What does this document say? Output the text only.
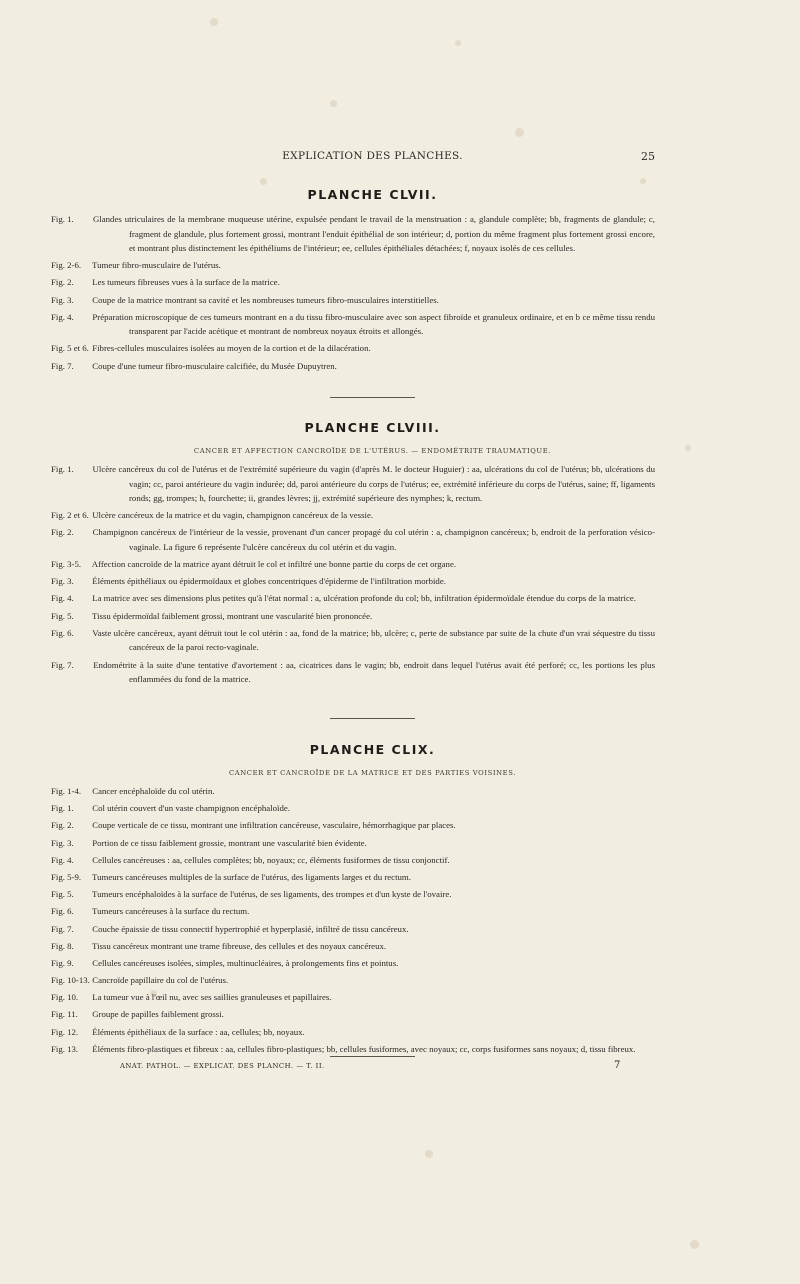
EXPLICATION DES PLANCHES.	25
PLANCHE CLVII.
Fig. 1. Glandes utriculaires de la membrane muqueuse utérine, expulsée pendant le travail de la menstruation : a, glandule complète; bb, fragments de glandule; c, fragment de glandule, plus fortement grossi, montrant l'enduit épithélial de son intérieur; d, portion du même fragment plus fortement grossi encore, et montrant plus distinctement les épithéliums de l'intérieur; ee, cellules épithéliales détachées; f, noyaux isolés de ces cellules.
Fig. 2-6. Tumeur fibro-musculaire de l'utérus.
Fig. 2. Les tumeurs fibreuses vues à la surface de la matrice.
Fig. 3. Coupe de la matrice montrant sa cavité et les nombreuses tumeurs fibro-musculaires interstitielles.
Fig. 4. Préparation microscopique de ces tumeurs montrant en a du tissu fibro-musculaire avec son aspect fibroïde et granuleux ordinaire, et en b ce même tissu rendu transparent par l'acide acétique et montrant de nombreux noyaux étroits et allongés.
Fig. 5 et 6. Fibres-cellules musculaires isolées au moyen de la cortion et de la dilacération.
Fig. 7. Coupe d'une tumeur fibro-musculaire calcifiée, du Musée Dupuytren.
PLANCHE CLVIII.
CANCER ET AFFECTION CANCROÏDE DE L'UTÉRUS. — ENDOMÉTRITE TRAUMATIQUE.
Fig. 1. Ulcère cancéreux du col de l'utérus et de l'extrémité supérieure du vagin (d'après M. le docteur Huguier) : aa, ulcérations du col de l'utérus; bb, ulcérations du vagin; cc, paroi antérieure du vagin indurée; dd, paroi antérieure du corps de l'utérus; ee, extrémité inférieure du corps de l'utérus, saine; ff, ligaments ronds; gg, trompes; h, fourchette; ii, grandes lèvres; jj, extrémité supérieure des nymphes; k, rectum.
Fig. 2 et 6. Ulcère cancéreux de la matrice et du vagin, champignon cancéreux de la vessie.
Fig. 2. Champignon cancéreux de l'intérieur de la vessie, provenant d'un cancer propagé du col utérin : a, champignon cancéreux; b, endroit de la perforation vésico-vaginale. La figure 6 représente l'ulcère cancéreux du col utérin et du vagin.
Fig. 3-5. Affection cancroïde de la matrice ayant détruit le col et infiltré une bonne partie du corps de cet organe.
Fig. 3. Éléments épithéliaux ou épidermoïdaux et globes concentriques d'épiderme de l'infiltration morbide.
Fig. 4. La matrice avec ses dimensions plus petites qu'à l'état normal : a, ulcération profonde du col; bb, infiltration épidermoïdale étendue du corps de la matrice.
Fig. 5. Tissu épidermoïdal faiblement grossi, montrant une vascularité bien prononcée.
Fig. 6. Vaste ulcère cancéreux, ayant détruit tout le col utérin : aa, fond de la matrice; bb, ulcère; c, perte de substance par suite de la chute d'un vrai séquestre du tissu cancéreux de la paroi recto-vaginale.
Fig. 7. Endométrite à la suite d'une tentative d'avortement : aa, cicatrices dans le vagin; bb, endroit dans lequel l'utérus avait été perforé; cc, les portions les plus enflammées du fond de la matrice.
PLANCHE CLIX.
CANCER ET CANCROÏDE DE LA MATRICE ET DES PARTIES VOISINES.
Fig. 1-4. Cancer encéphaloïde du col utérin.
Fig. 1. Col utérin couvert d'un vaste champignon encéphaloïde.
Fig. 2. Coupe verticale de ce tissu, montrant une infiltration cancéreuse, vasculaire, hémorrhagique par places.
Fig. 3. Portion de ce tissu faiblement grossie, montrant une vascularité bien évidente.
Fig. 4. Cellules cancéreuses : aa, cellules complètes; bb, noyaux; cc, éléments fusiformes de tissu conjonctif.
Fig. 5-9. Tumeurs cancéreuses multiples de la surface de l'utérus, des ligaments larges et du rectum.
Fig. 5. Tumeurs encéphaloïdes à la surface de l'utérus, de ses ligaments, des trompes et d'un kyste de l'ovaire.
Fig. 6. Tumeurs cancéreuses à la surface du rectum.
Fig. 7. Couche épaissie de tissu connectif hypertrophié et hyperplasié, infiltré de tissu cancéreux.
Fig. 8. Tissu cancéreux montrant une trame fibreuse, des cellules et des noyaux cancéreux.
Fig. 9. Cellules cancéreuses isolées, simples, multinucléaires, à prolongements fins et pointus.
Fig. 10-13. Cancroïde papillaire du col de l'utérus.
Fig. 10. La tumeur vue à l'œil nu, avec ses saillies granuleuses et papillaires.
Fig. 11. Groupe de papilles faiblement grossi.
Fig. 12. Éléments épithéliaux de la surface : aa, cellules; bb, noyaux.
Fig. 13. Éléments fibro-plastiques et fibreux : aa, cellules fibro-plastiques; bb, cellules fusiformes, avec noyaux; cc, corps fusiformes sans noyaux; d, tissu fibreux.
ANAT. PATHOL. — EXPLICAT. DES PLANCH. — T. II.	7
